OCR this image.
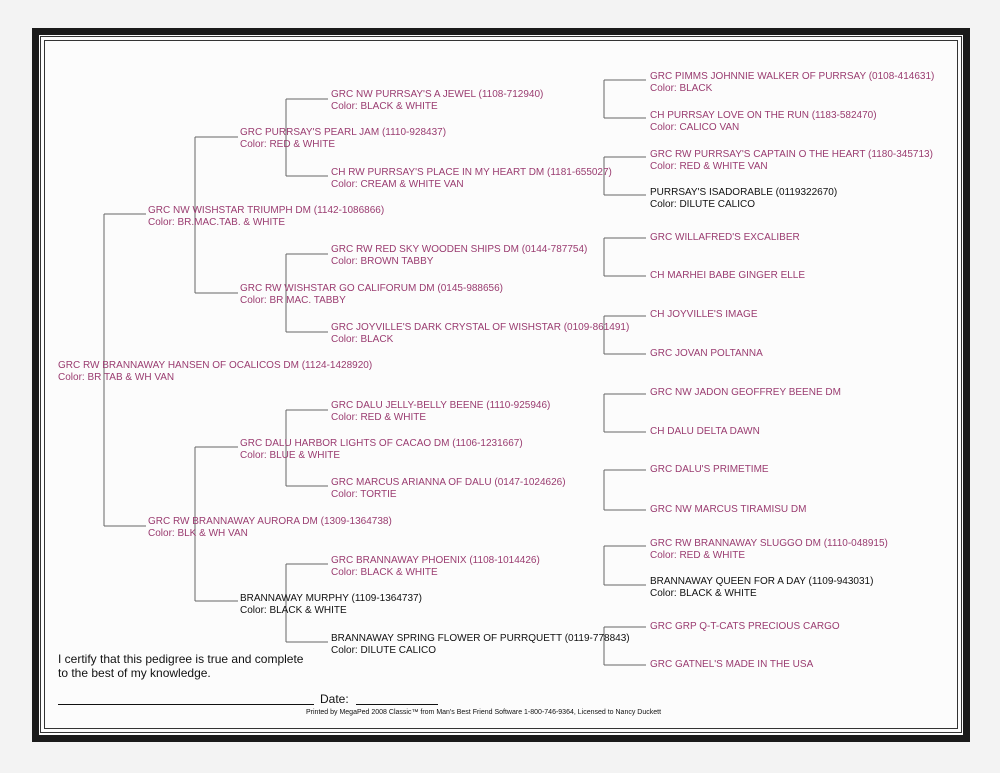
GRC RW BRANNAWAY HANSEN OF OCALICOS DM (1124-1428920)
Color: BR TAB & WH VAN
GRC NW WISHSTAR TRIUMPH DM (1142-1086866)
Color: BR.MAC.TAB. & WHITE
GRC RW BRANNAWAY AURORA DM (1309-1364738)
Color: BLK & WH VAN
GRC PURRSAY'S PEARL JAM (1110-928437)
Color: RED & WHITE
GRC RW WISHSTAR GO CALIFORUM DM (0145-988656)
Color: BR MAC. TABBY
GRC DALU HARBOR LIGHTS OF CACAO DM (1106-1231667)
Color: BLUE & WHITE
BRANNAWAY MURPHY (1109-1364737)
Color: BLACK & WHITE
GRC NW PURRSAY'S A JEWEL (1108-712940)
Color: BLACK & WHITE
CH RW PURRSAY'S PLACE IN MY HEART DM (1181-655027)
Color: CREAM & WHITE VAN
GRC RW RED SKY WOODEN SHIPS DM (0144-787754)
Color: BROWN TABBY
GRC JOYVILLE'S DARK CRYSTAL OF WISHSTAR (0109-861491)
Color: BLACK
GRC DALU JELLY-BELLY BEENE (1110-925946)
Color: RED & WHITE
GRC MARCUS ARIANNA OF DALU (0147-1024626)
Color: TORTIE
GRC BRANNAWAY PHOENIX (1108-1014426)
Color: BLACK & WHITE
BRANNAWAY SPRING FLOWER OF PURRQUETT (0119-778843)
Color: DILUTE CALICO
GRC PIMMS JOHNNIE WALKER OF PURRSAY (0108-414631)
Color: BLACK
CH PURRSAY LOVE ON THE RUN (1183-582470)
Color: CALICO VAN
GRC RW PURRSAY'S CAPTAIN O THE HEART (1180-345713)
Color: RED & WHITE VAN
PURRSAY'S ISADORABLE (0119322670)
Color: DILUTE CALICO
GRC WILLAFRED'S EXCALIBER
CH MARHEI BABE GINGER ELLE
CH JOYVILLE'S IMAGE
GRC JOVAN POLTANNA
GRC NW JADON GEOFFREY BEENE DM
CH DALU DELTA DAWN
GRC DALU'S PRIMETIME
GRC NW MARCUS TIRAMISU DM
GRC RW BRANNAWAY SLUGGO DM (1110-048915)
Color: RED & WHITE
BRANNAWAY QUEEN FOR A DAY (1109-943031)
Color: BLACK & WHITE
GRC GRP Q-T-CATS PRECIOUS CARGO
GRC GATNEL'S MADE IN THE USA
I certify that this pedigree is true and complete
to the best of my knowledge.
Date:
Printed by MegaPed 2008 Classic™ from Man's Best Friend Software 1-800-746-9364, Licensed to Nancy Duckett
